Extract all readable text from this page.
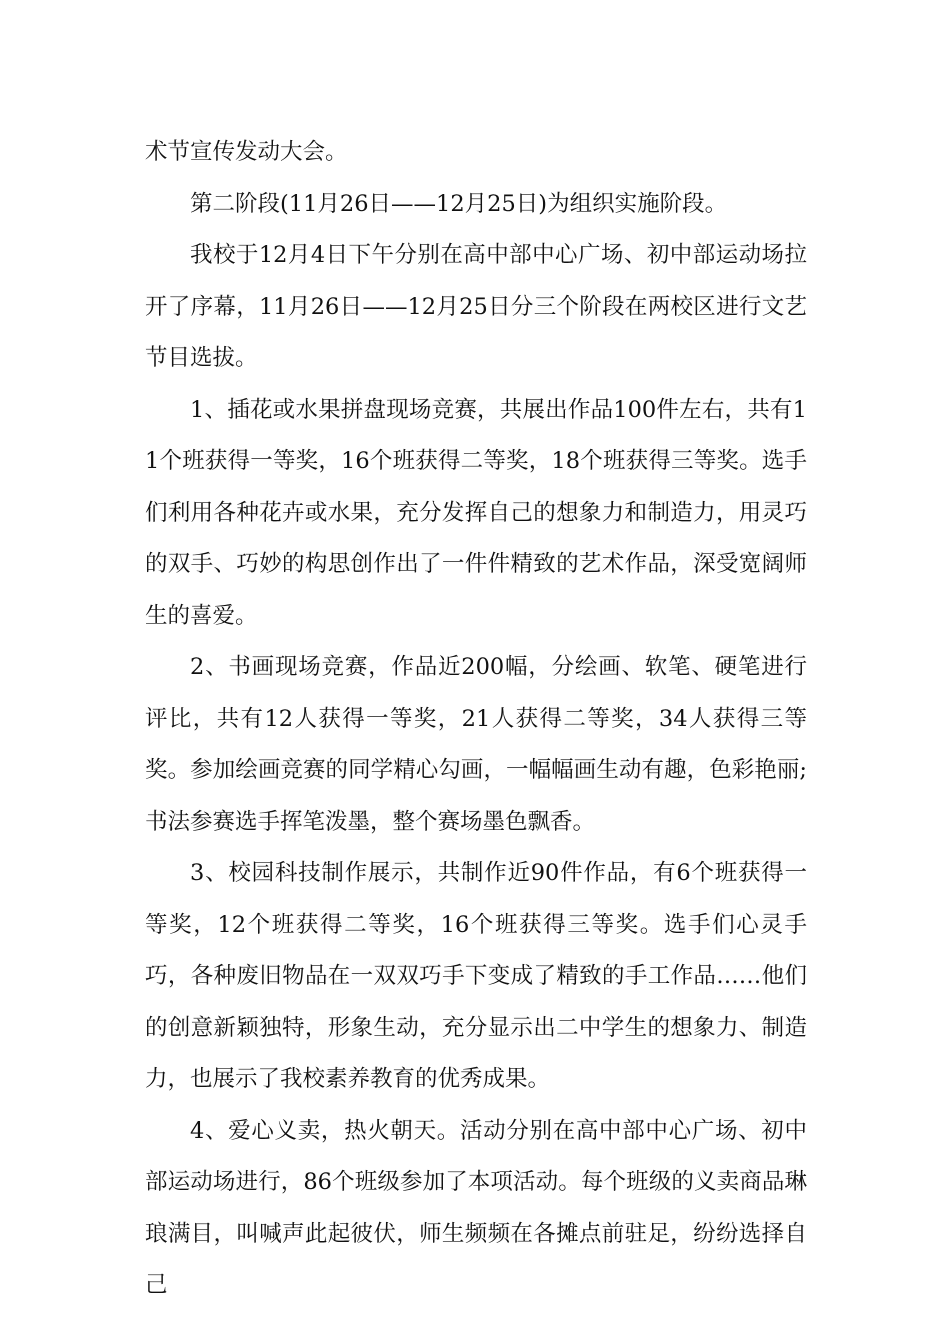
术节宣传发动大会。

第二阶段(11月26日——12月25日)为组织实施阶段。

我校于12月4日下午分别在高中部中心广场、初中部运动场拉开了序幕，11月26日——12月25日分三个阶段在两校区进行文艺节目选拔。

1、插花或水果拼盘现场竞赛，共展出作品100件左右，共有11个班获得一等奖，16个班获得二等奖，18个班获得三等奖。选手们利用各种花卉或水果，充分发挥自己的想象力和制造力，用灵巧的双手、巧妙的构思创作出了一件件精致的艺术作品，深受宽阔师生的喜爱。

2、书画现场竞赛，作品近200幅，分绘画、软笔、硬笔进行评比，共有12人获得一等奖，21人获得二等奖，34人获得三等奖。参加绘画竞赛的同学精心勾画，一幅幅画生动有趣，色彩艳丽;书法参赛选手挥笔泼墨，整个赛场墨色飘香。

3、校园科技制作展示，共制作近90件作品，有6个班获得一等奖，12个班获得二等奖，16个班获得三等奖。选手们心灵手巧，各种废旧物品在一双双巧手下变成了精致的手工作品……他们的创意新颖独特，形象生动，充分显示出二中学生的想象力、制造力，也展示了我校素养教育的优秀成果。

4、爱心义卖，热火朝天。活动分别在高中部中心广场、初中部运动场进行，86个班级参加了本项活动。每个班级的义卖商品琳琅满目，叫喊声此起彼伏，师生频频在各摊点前驻足，纷纷选择自己
